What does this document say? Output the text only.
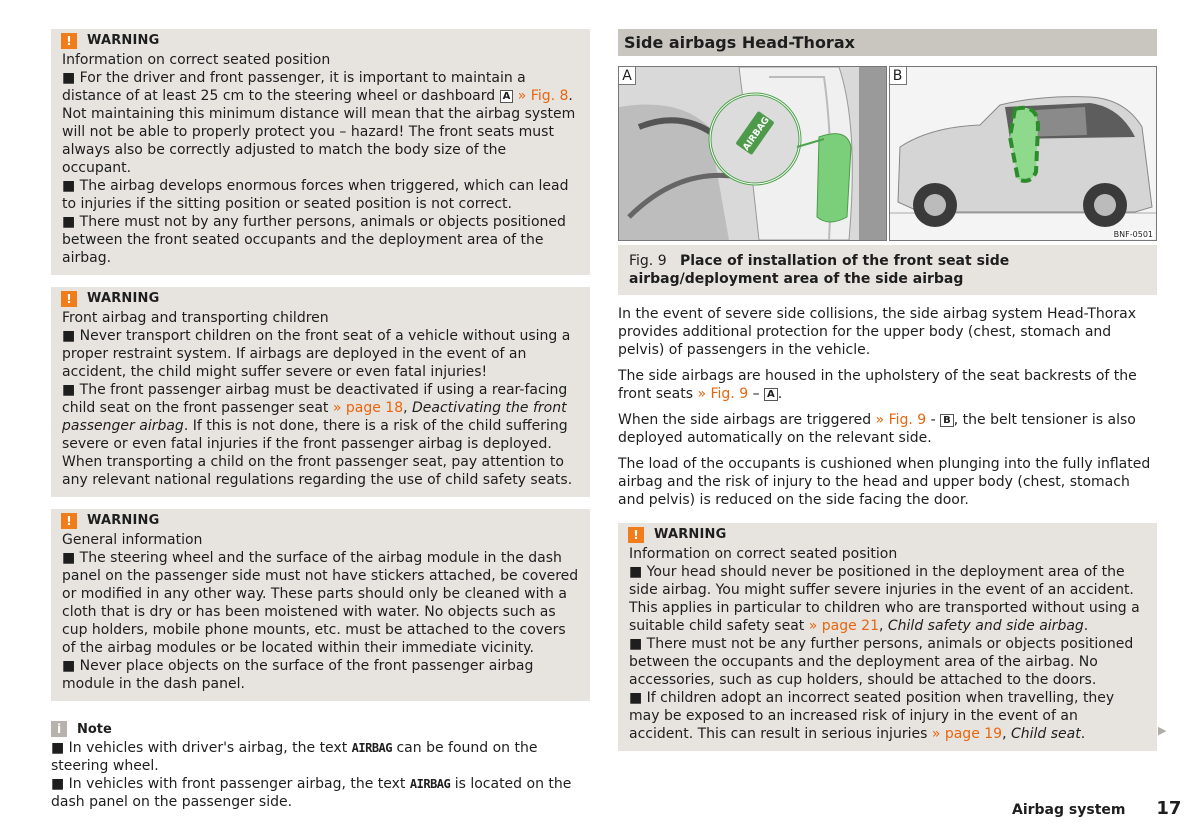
!	WARNING

Information on correct seated position

■ For the driver and front passenger, it is important to maintain a distance of at least 25 cm to the steering wheel or dashboard A » Fig. 8. Not maintaining this minimum distance will mean that the airbag system will not be able to properly protect you – hazard! The front seats must always also be correctly adjusted to match the body size of the occupant.

■ The airbag develops enormous forces when triggered, which can lead to injuries if the sitting position or seated position is not correct.

■ There must not by any further persons, animals or objects positioned between the front seated occupants and the deployment area of the airbag.

!	WARNING

Front airbag and transporting children

■ Never transport children on the front seat of a vehicle without using a proper restraint system. If airbags are deployed in the event of an accident, the child might suffer severe or even fatal injuries!

■ The front passenger airbag must be deactivated if using a rear-facing child seat on the front passenger seat » page 18, Deactivating the front passenger airbag. If this is not done, there is a risk of the child suffering severe or even fatal injuries if the front passenger airbag is deployed. When transporting a child on the front passenger seat, pay attention to any relevant national regulations regarding the use of child safety seats.

!	WARNING

General information

■ The steering wheel and the surface of the airbag module in the dash panel on the passenger side must not have stickers attached, be covered or modified in any other way. These parts should only be cleaned with a cloth that is dry or has been moistened with water. No objects such as cup holders, mobile phone mounts, etc. must be attached to the covers of the airbag modules or be located within their immediate vicinity.

■ Never place objects on the surface of the front passenger airbag module in the dash panel.

i	Note

■ In vehicles with driver's airbag, the text AIRBAG can be found on the steering wheel.

■ In vehicles with front passenger airbag, the text AIRBAG is located on the dash panel on the passenger side.

Side airbags Head-Thorax
AIRBAG
A	B
BNF-0501
Fig. 9 Place of installation of the front seat side airbag/deployment area of the side airbag

In the event of severe side collisions, the side airbag system Head-Thorax provides additional protection for the upper body (chest, stomach and pelvis) of passengers in the vehicle.

The side airbags are housed in the upholstery of the seat backrests of the front seats » Fig. 9 – A .

When the side airbags are triggered » Fig. 9 - B , the belt tensioner is also deployed automatically on the relevant side.

The load of the occupants is cushioned when plunging into the fully inflated airbag and the risk of injury to the head and upper body (chest, stomach and pelvis) is reduced on the side facing the door.

!	WARNING

Information on correct seated position

■ Your head should never be positioned in the deployment area of the side airbag. You might suffer severe injuries in the event of an accident. This applies in particular to children who are transported without using a suitable child safety seat » page 21, Child safety and side airbag.

■ There must not be any further persons, animals or objects positioned between the occupants and the deployment area of the airbag. No accessories, such as cup holders, should be attached to the doors.

■ If children adopt an incorrect seated position when travelling, they may be exposed to an increased risk of injury in the event of an accident. This can result in serious injuries » page 19, Child seat.	▶
Airbag system 17
